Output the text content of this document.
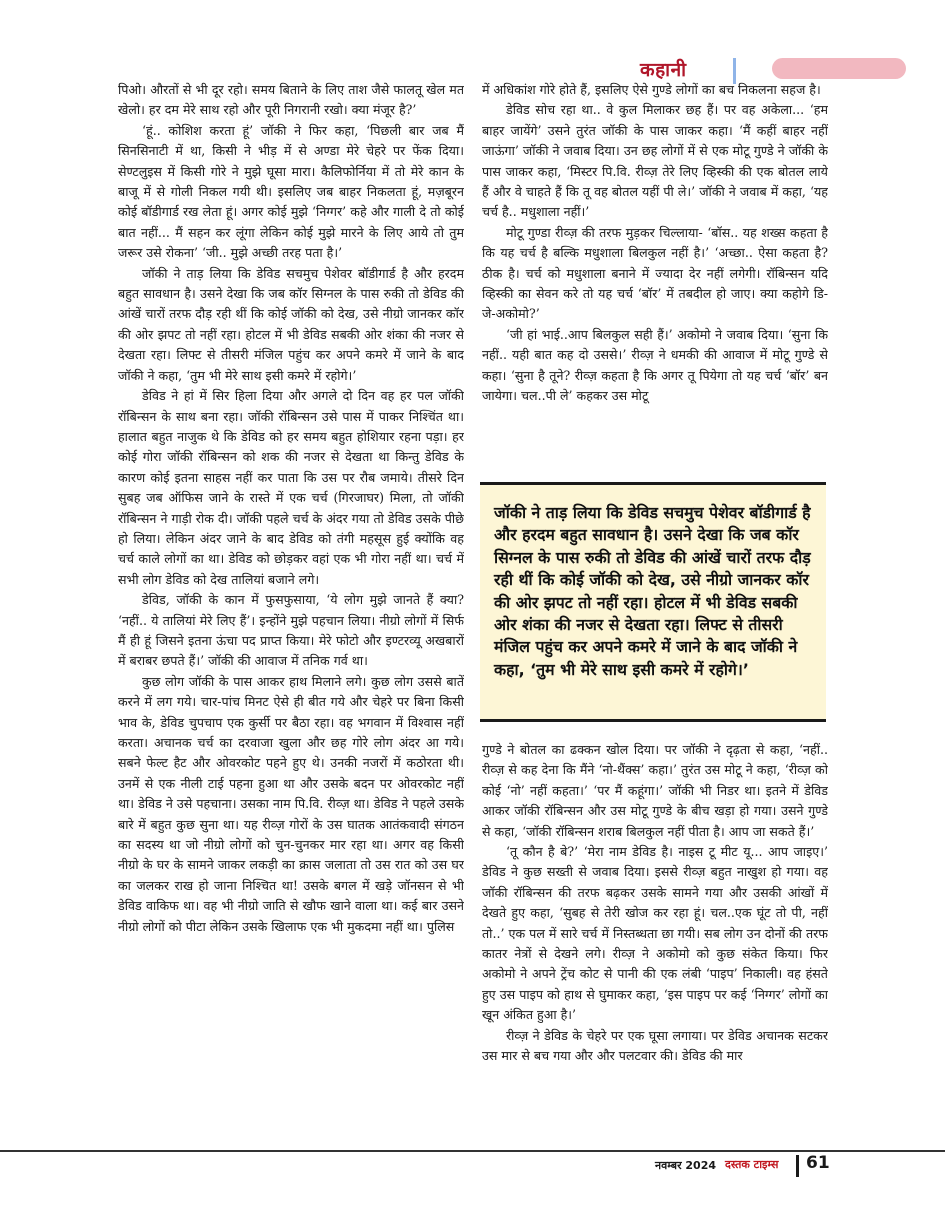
कहानी

पिओ। औरतों से भी दूर रहो। समय बिताने के लिए ताश जैसे फालतू खेल मत खेलो। हर दम मेरे साथ रहो और पूरी निगरानी रखो। क्या मंजूर है?’

‘हूं.. कोशिश करता हूं’ जॉकी ने फिर कहा, ‘पिछली बार जब मैं सिनसिनाटी में था, किसी ने भीड़ में से अण्डा मेरे चेहरे पर फेंक दिया। सेण्टलुइस में किसी गोरे ने मुझे घूसा मारा। कैलिफोर्निया में तो मेरे कान के बाजू में से गोली निकल गयी थी। इसलिए जब बाहर निकलता हूं, मज़बूरन कोई बॉडीगार्ड रख लेता हूं। अगर कोई मुझे ‘निग्गर’ कहे और गाली दे तो कोई बात नहीं... मैं सहन कर लूंगा लेकिन कोई मुझे मारने के लिए आये तो तुम जरूर उसे रोकना’ ‘जी.. मुझे अच्छी तरह पता है।’

जॉकी ने ताड़ लिया कि डेविड सचमुच पेशेवर बॉडीगार्ड है और हरदम बहुत सावधान है। उसने देखा कि जब कॉर सिग्नल के पास रुकी तो डेविड की आंखें चारों तरफ दौड़ रही थीं कि कोई जॉकी को देख, उसे नीग्रो जानकर कॉर की ओर झपट तो नहीं रहा। होटल में भी डेविड सबकी ओर शंका की नजर से देखता रहा। लिफ्ट से तीसरी मंजिल पहुंच कर अपने कमरे में जाने के बाद जॉकी ने कहा, ‘तुम भी मेरे साथ इसी कमरे में रहोगे।’

डेविड ने हां में सिर हिला दिया और अगले दो दिन वह हर पल जॉकी रॉबिन्सन के साथ बना रहा। जॉकी रॉबिन्सन उसे पास में पाकर निश्चिंत था। हालात बहुत नाजुक थे कि डेविड को हर समय बहुत होशियार रहना पड़ा। हर कोई गोरा जॉकी रॉबिन्सन को शक की नजर से देखता था किन्तु डेविड के कारण कोई इतना साहस नहीं कर पाता कि उस पर रौब जमाये। तीसरे दिन सुबह जब ऑफिस जाने के रास्ते में एक चर्च (गिरजाघर) मिला, तो जॉकी रॉबिन्सन ने गाड़ी रोक दी। जॉकी पहले चर्च के अंदर गया तो डेविड उसके पीछे हो लिया। लेकिन अंदर जाने के बाद डेविड को तंगी महसूस हुई क्योंकि वह चर्च काले लोगों का था। डेविड को छोड़कर वहां एक भी गोरा नहीं था। चर्च में सभी लोग डेविड को देख तालियां बजाने लगे।

डेविड, जॉकी के कान में फुसफुसाया, ‘ये लोग मुझे जानते हैं क्या? ‘नहीं.. ये तालियां मेरे लिए हैं’। इन्होंने मुझे पहचान लिया। नीग्रो लोगों में सिर्फ मैं ही हूं जिसने इतना ऊंचा पद प्राप्त किया। मेरे फोटो और इण्टरव्यू अखबारों में बराबर छपते हैं।’ जॉकी की आवाज में तनिक गर्व था।

कुछ लोग जॉकी के पास आकर हाथ मिलाने लगे। कुछ लोग उससे बातें करने में लग गये। चार-पांच मिनट ऐसे ही बीत गये और चेहरे पर बिना किसी भाव के, डेविड चुपचाप एक कुर्सी पर बैठा रहा। वह भगवान में विश्वास नहीं करता। अचानक चर्च का दरवाजा खुला और छह गोरे लोग अंदर आ गये। सबने फेल्ट हैट और ओवरकोट पहने हुए थे। उनकी नजरों में कठोरता थी। उनमें से एक नीली टाई पहना हुआ था और उसके बदन पर ओवरकोट नहीं था। डेविड ने उसे पहचाना। उसका नाम पि.वि. रीव्ज़ था। डेविड ने पहले उसके बारे में बहुत कुछ सुना था। यह रीव्ज़ गोरों के उस घातक आतंकवादी संगठन का सदस्य था जो नीग्रो लोगों को चुन-चुनकर मार रहा था। अगर वह किसी नीग्रो के घर के सामने जाकर लकड़ी का क्रास जलाता तो उस रात को उस घर का जलकर राख हो जाना निश्चित था! उसके बगल में खड़े जॉनसन से भी डेविड वाकिफ था। वह भी नीग्रो जाति से खौफ खाने वाला था। कई बार उसने नीग्रो लोगों को पीटा लेकिन उसके खिलाफ एक भी मुकदमा नहीं था। पुलिस

में अधिकांश गोरे होते हैं, इसलिए ऐसे गुण्डे लोगों का बच निकलना सहज है।

डेविड सोच रहा था.. वे कुल मिलाकर छह हैं। पर वह अकेला... ‘हम बाहर जायेंगे’ उसने तुरंत जॉकी के पास जाकर कहा। ‘मैं कहीं बाहर नहीं जाऊंगा’ जॉकी ने जवाब दिया। उन छह लोगों में से एक मोटू गुण्डे ने जॉकी के पास जाकर कहा, ‘मिस्टर पि.वि. रीव्ज़ तेरे लिए व्हिस्की की एक बोतल लाये हैं और वे चाहते हैं कि तू वह बोतल यहीं पी ले।’ जॉकी ने जवाब में कहा, ‘यह चर्च है.. मधुशाला नहीं।’

मोटू गुण्डा रीव्ज़ की तरफ मुड़कर चिल्लाया- ‘बॉस.. यह शख्स कहता है कि यह चर्च है बल्कि मधुशाला बिलकुल नहीं है।’ ‘अच्छा.. ऐसा कहता है? ठीक है। चर्च को मधुशाला बनाने में ज्यादा देर नहीं लगेगी। रॉबिन्सन यदि व्हिस्की का सेवन करे तो यह चर्च ‘बॉर’ में तबदील हो जाए। क्या कहोगे डि-जे-अकोमो?’

‘जी हां भाई..आप बिलकुल सही हैं।’ अकोमो ने जवाब दिया। ‘सुना कि नहीं.. यही बात कह दो उससे।’ रीव्ज़ ने धमकी की आवाज में मोटू गुण्डे से कहा। ‘सुना है तूने? रीव्ज़ कहता है कि अगर तू पियेगा तो यह चर्च ‘बॉर’ बन जायेगा। चल..पी ले’ कहकर उस मोटू

जॉकी ने ताड़ लिया कि डेविड सचमुच पेशेवर बॉडीगार्ड है और हरदम बहुत सावधान है। उसने देखा कि जब कॉर सिग्नल के पास रुकी तो डेविड की आंखें चारों तरफ दौड़ रही थीं कि कोई जॉकी को देख, उसे नीग्रो जानकर कॉर की ओर झपट तो नहीं रहा। होटल में भी डेविड सबकी ओर शंका की नजर से देखता रहा। लिफ्ट से तीसरी मंजिल पहुंच कर अपने कमरे में जाने के बाद जॉकी ने कहा, ‘तुम भी मेरे साथ इसी कमरे में रहोगे।’

गुण्डे ने बोतल का ढक्कन खोल दिया। पर जॉकी ने दृढ़ता से कहा, ‘नहीं.. रीव्ज़ से कह देना कि मैंने ‘नो-थैंक्स’ कहा।’ तुरंत उस मोटू ने कहा, ‘रीव्ज़ को कोई ‘नो’ नहीं कहता।’ ‘पर मैं कहूंगा।’ जॉकी भी निडर था। इतने में डेविड आकर जॉकी रॉबिन्सन और उस मोटू गुण्डे के बीच खड़ा हो गया। उसने गुण्डे से कहा, ‘जॉकी रॉबिन्सन शराब बिलकुल नहीं पीता है। आप जा सकते हैं।’

‘तू कौन है बे?’ ‘मेरा नाम डेविड है। नाइस टू मीट यू... आप जाइए।’ डेविड ने कुछ सख्ती से जवाब दिया। इससे रीव्ज़ बहुत नाखुश हो गया। वह जॉकी रॉबिन्सन की तरफ बढ़कर उसके सामने गया और उसकी आंखों में देखते हुए कहा, ‘सुबह से तेरी खोज कर रहा हूं। चल..एक घूंट तो पी, नहीं तो..’ एक पल में सारे चर्च में निस्तब्धता छा गयी। सब लोग उन दोनों की तरफ कातर नेत्रों से देखने लगे। रीव्ज़ ने अकोमो को कुछ संकेत किया। फिर अकोमो ने अपने ट्रेंच कोट से पानी की एक लंबी ‘पाइप’ निकाली। वह हंसते हुए उस पाइप को हाथ से घुमाकर कहा, ‘इस पाइप पर कई ‘निग्गर’ लोगों का खून अंकित हुआ है।’

रीव्ज़ ने डेविड के चेहरे पर एक घूसा लगाया। पर डेविड अचानक सटकर उस मार से बच गया और और पलटवार की। डेविड की मार

नवम्बर 2024 दस्तक टाइम्स 61
